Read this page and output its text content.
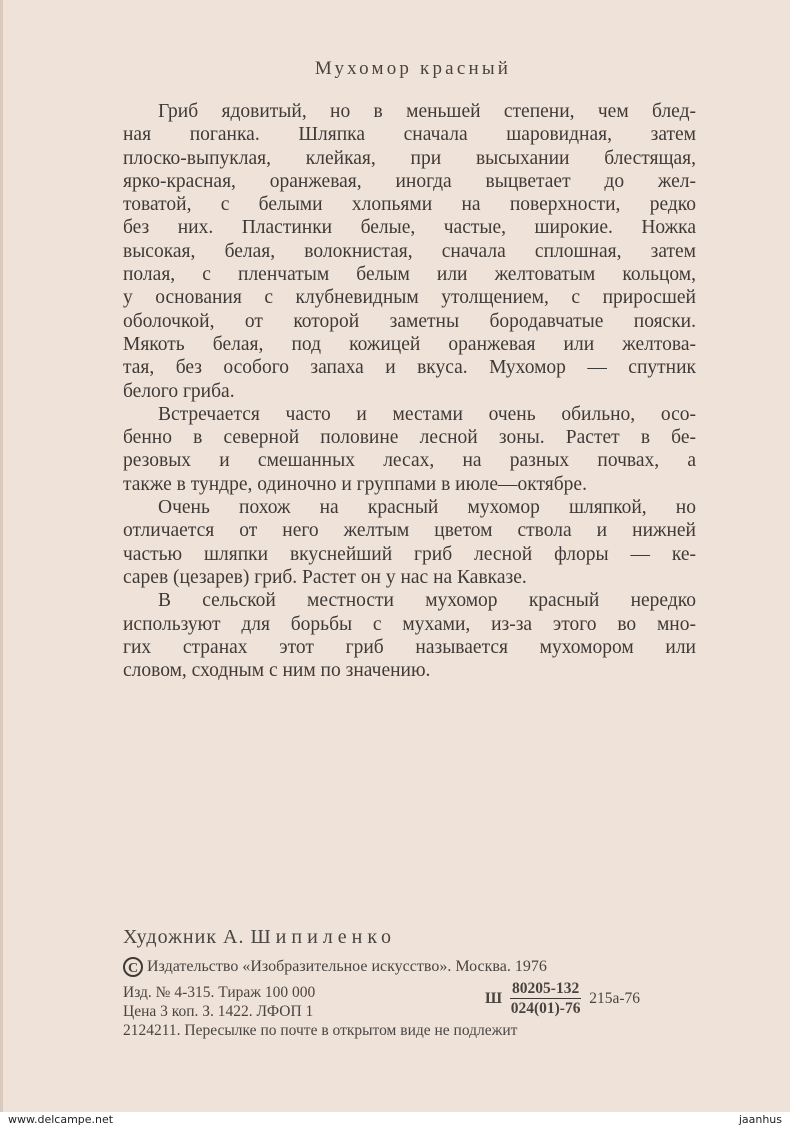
Мухомор красный
Гриб ядовитый, но в меньшей степени, чем блед-
ная поганка. Шляпка сначала шаровидная, затем
плоско-выпуклая, клейкая, при высыхании блестящая,
ярко-красная, оранжевая, иногда выцветает до жел-
товатой, с белыми хлопьями на поверхности, редко
без них. Пластинки белые, частые, широкие. Ножка
высокая, белая, волокнистая, сначала сплошная, затем
полая, с пленчатым белым или желтоватым кольцом,
у основания с клубневидным утолщением, с приросшей
оболочкой, от которой заметны бородавчатые пояски.
Мякоть белая, под кожицей оранжевая или желтова-
тая, без особого запаха и вкуса. Мухомор — спутник
белого гриба.
Встречается часто и местами очень обильно, осо-
бенно в северной половине лесной зоны. Растет в бе-
резовых и смешанных лесах, на разных почвах, а
также в тундре, одиночно и группами в июле—октябре.
Очень похож на красный мухомор шляпкой, но
отличается от него желтым цветом ствола и нижней
частью шляпки вкуснейший гриб лесной флоры — ке-
сарев (цезарев) гриб. Растет он у нас на Кавказе.
В сельской местности мухомор красный нередко
используют для борьбы с мухами, из-за этого во мно-
гих странах этот гриб называется мухомором или
словом, сходным с ним по значению.
Художник А. Шипиленко
C Издательство «Изобразительное искусство». Москва. 1976
Изд. № 4-315. Тираж 100 000
Цена 3 коп. З. 1422. ЛФОП 1
2124211. Пересылке по почте в открытом виде не подлежит
Ш $\frac{80205-132}{024(01)-76} 215а-76$
www.delcampe.net	jaanhus
